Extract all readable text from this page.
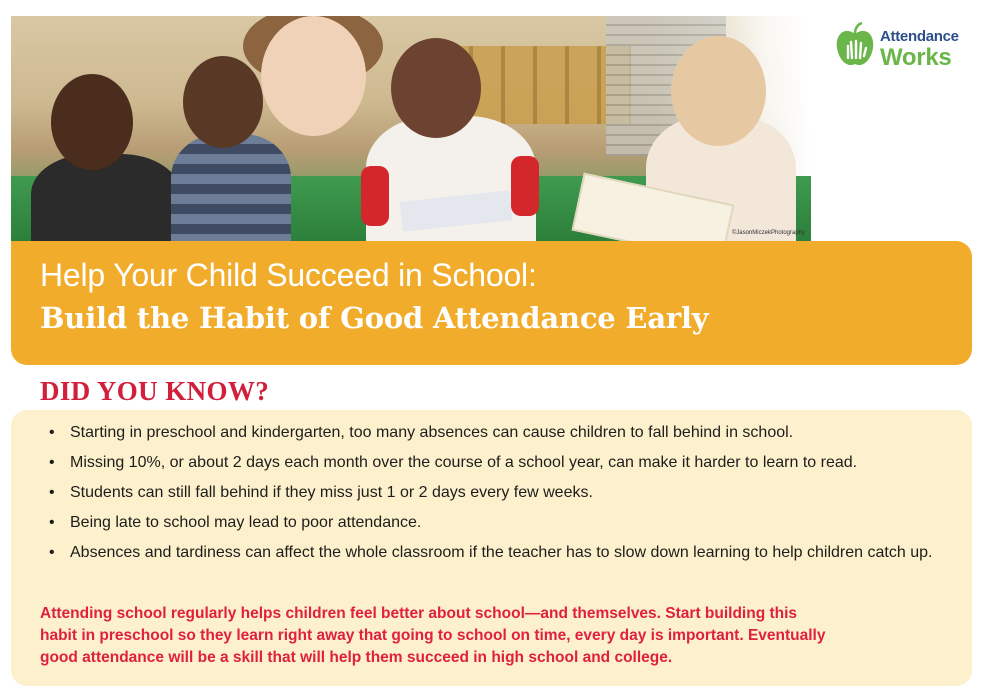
©JasonMiczekPhotography
Attendance
Works
Help Your Child Succeed in School:
Build the Habit of Good Attendance Early
DID YOU KNOW?
• Starting in preschool and kindergarten, too many absences can cause children to fall behind in school.
• Missing 10%, or about 2 days each month over the course of a school year, can make it harder to learn to read.
• Students can still fall behind if they miss just 1 or 2 days every few weeks.
• Being late to school may lead to poor attendance.
• Absences and tardiness can affect the whole classroom if the teacher has to slow down learning to help children catch up.
Attending school regularly helps children feel better about school—and themselves. Start building this
habit in preschool so they learn right away that going to school on time, every day is important. Eventually
good attendance will be a skill that will help them succeed in high school and college.
